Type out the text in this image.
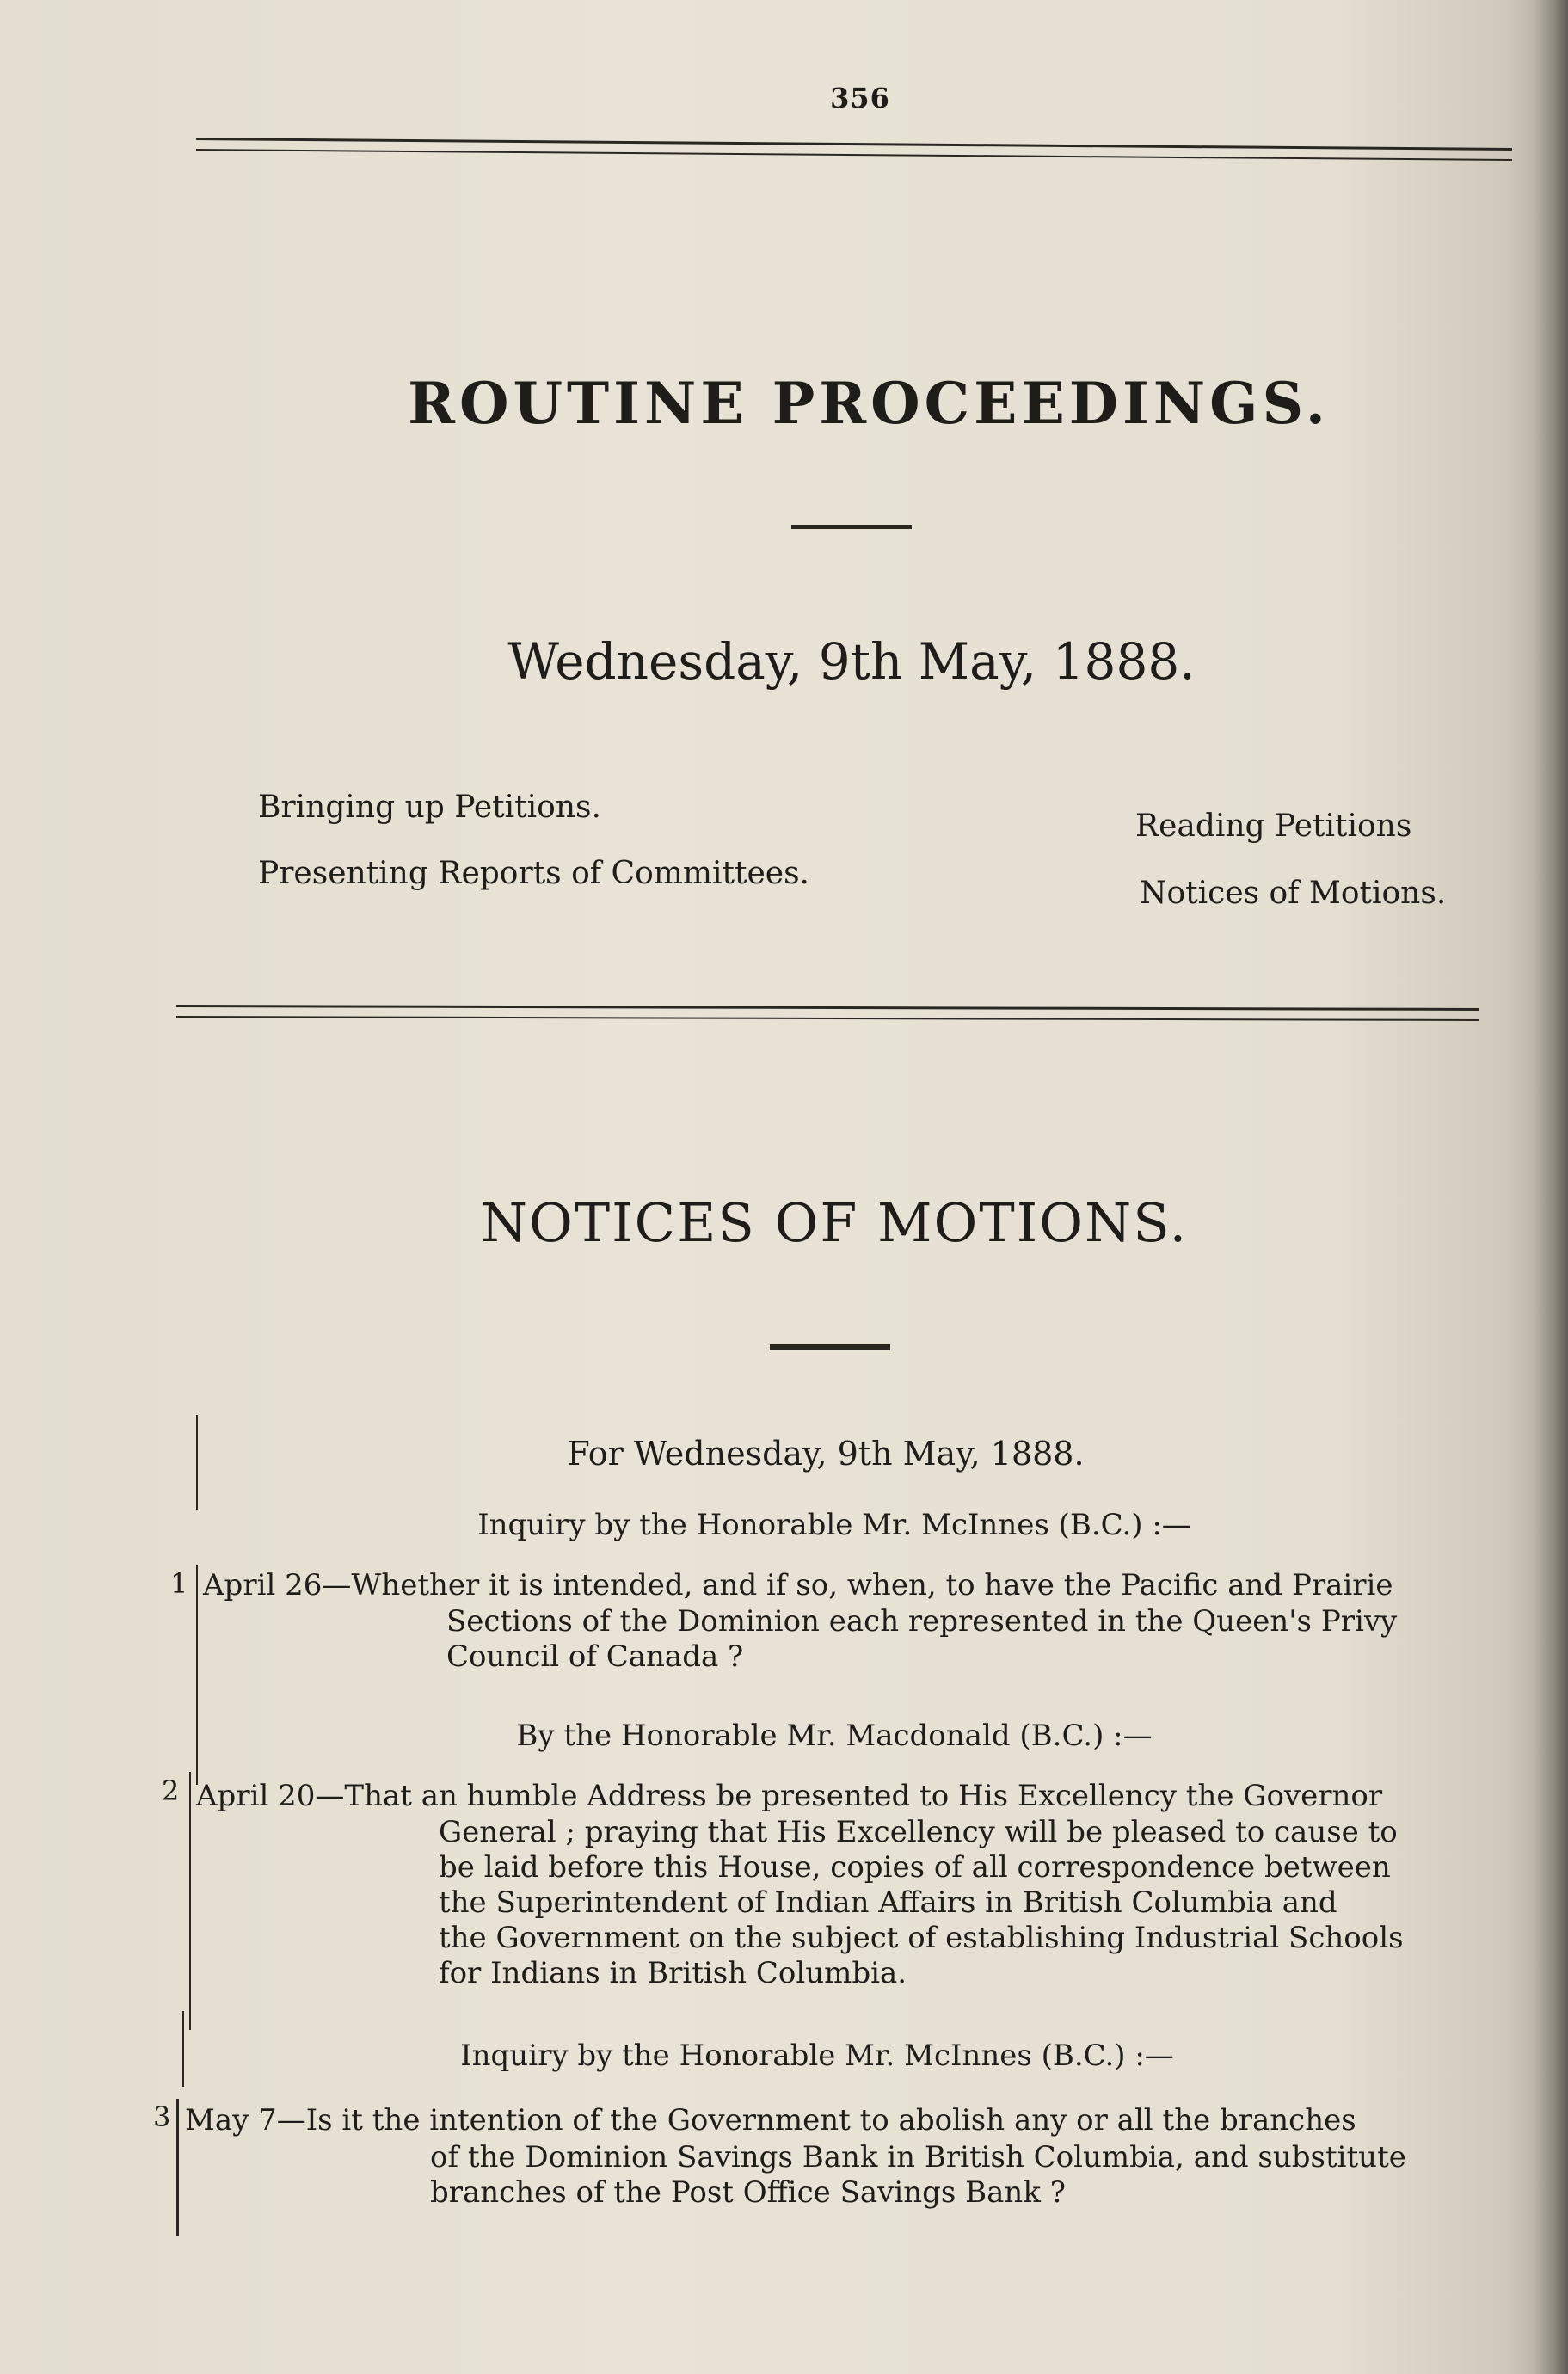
356
ROUTINE PROCEEDINGS.
Wednesday, 9th May, 1888.
Bringing up Petitions.
Presenting Reports of Committees.
Reading Petitions
Notices of Motions.
NOTICES OF MOTIONS.
For Wednesday, 9th May, 1888.
Inquiry by the Honorable Mr. McInnes (B.C.) :—
1 April 26—Whether it is intended, and if so, when, to have the Pacific and Prairie
Sections of the Dominion each represented in the Queen's Privy
Council of Canada ?
By the Honorable Mr. Macdonald (B.C.) :—
2 April 20—That an humble Address be presented to His Excellency the Governor
General ; praying that His Excellency will be pleased to cause to
be laid before this House, copies of all correspondence between
the Superintendent of Indian Affairs in British Columbia and
the Government on the subject of establishing Industrial Schools
for Indians in British Columbia.
Inquiry by the Honorable Mr. McInnes (B.C.) :—
3 May 7—Is it the intention of the Government to abolish any or all the branches
of the Dominion Savings Bank in British Columbia, and substitute
branches of the Post Office Savings Bank ?
